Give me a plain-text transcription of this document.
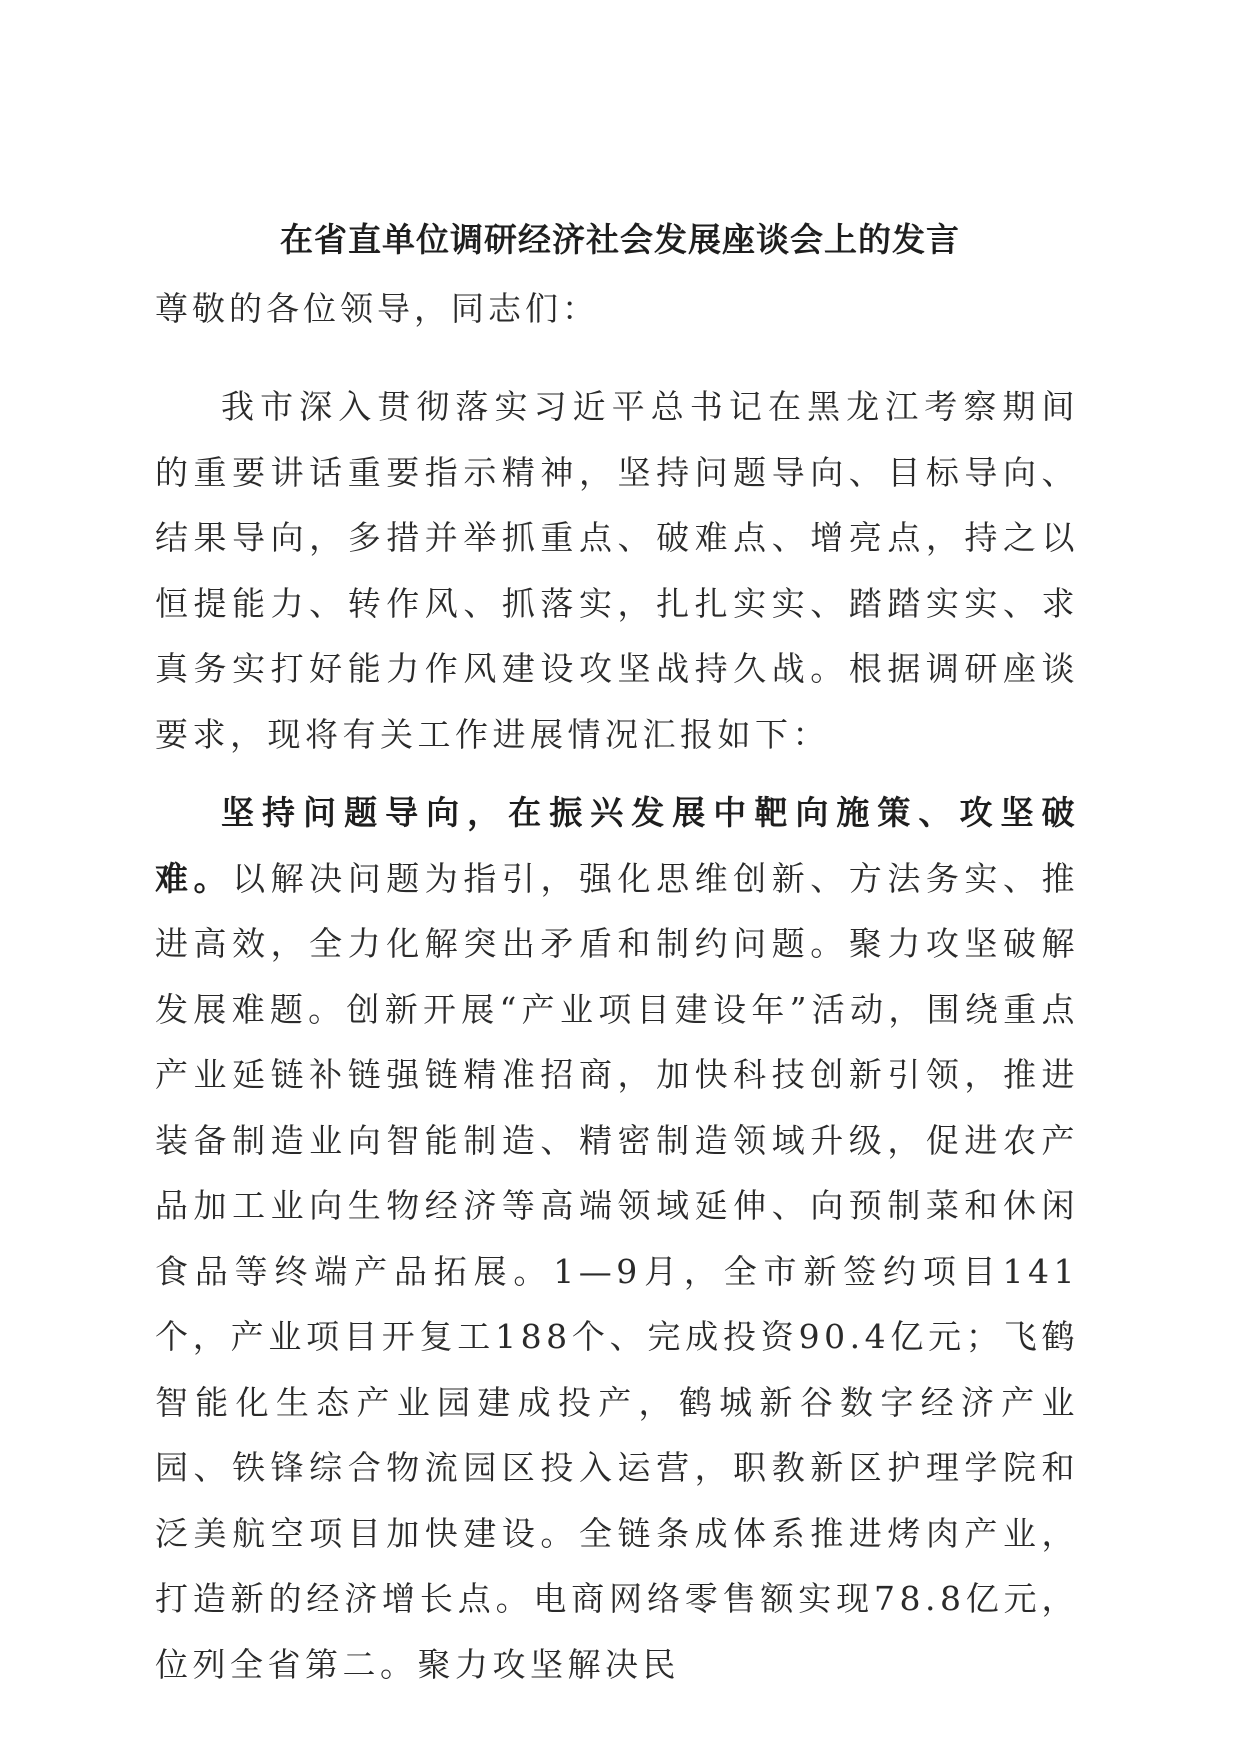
在省直单位调研经济社会发展座谈会上的发言
尊敬的各位领导，同志们：

我市深入贯彻落实习近平总书记在黑龙江考察期间的重要讲话重要指示精神，坚持问题导向、目标导向、结果导向，多措并举抓重点、破难点、增亮点，持之以恒提能力、转作风、抓落实，扎扎实实、踏踏实实、求真务实打好能力作风建设攻坚战持久战。根据调研座谈要求，现将有关工作进展情况汇报如下：

坚持问题导向，在振兴发展中靶向施策、攻坚破难。以解决问题为指引，强化思维创新、方法务实、推进高效，全力化解突出矛盾和制约问题。聚力攻坚破解发展难题。创新开展“产业项目建设年”活动，围绕重点产业延链补链强链精准招商，加快科技创新引领，推进装备制造业向智能制造、精密制造领域升级，促进农产品加工业向生物经济等高端领域延伸、向预制菜和休闲食品等终端产品拓展。1—9月，全市新签约项目141个，产业项目开复工188个、完成投资90.4亿元；飞鹤智能化生态产业园建成投产，鹤城新谷数字经济产业园、铁锋综合物流园区投入运营，职教新区护理学院和泛美航空项目加快建设。全链条成体系推进烤肉产业，打造新的经济增长点。电商网络零售额实现78.8亿元，位列全省第二。聚力攻坚解决民
